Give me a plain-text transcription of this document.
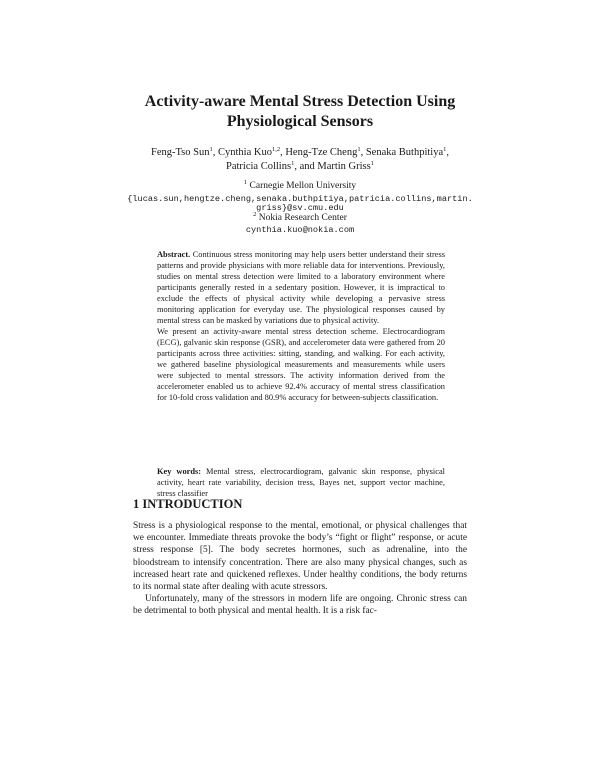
Activity-aware Mental Stress Detection Using
Physiological Sensors
Feng-Tso Sun$^1$, Cynthia Kuo$^{1,2}$, Heng-Tze Cheng$^1$, Senaka Buthpitiya$^1$,
Patricia Collins$^1$, and Martin Griss$^1$
$^1$ Carnegie Mellon University
{lucas.sun,hengtze.cheng,senaka.buthpitiya,patricia.collins,martin.
griss}@sv.cmu.edu
$^2$ Nokia Research Center
cynthia.kuo@nokia.com

Abstract. Continuous stress monitoring may help users better understand their stress patterns and provide physicians with more reliable data for interventions. Previously, studies on mental stress detection were limited to a laboratory environment where participants generally rested in a sedentary position. However, it is impractical to exclude the effects of physical activity while developing a pervasive stress monitoring application for everyday use. The physiological responses caused by mental stress can be masked by variations due to physical activity.

We present an activity-aware mental stress detection scheme. Electrocardiogram (ECG), galvanic skin response (GSR), and accelerometer data were gathered from 20 participants across three activities: sitting, standing, and walking. For each activity, we gathered baseline physiological measurements and measurements while users were subjected to mental stressors. The activity information derived from the accelerometer enabled us to achieve 92.4% accuracy of mental stress classification for 10-fold cross validation and 80.9% accuracy for between-subjects classification.

Key words: Mental stress, electrocardiogram, galvanic skin response, physical activity, heart rate variability, decision tress, Bayes net, support vector machine, stress classifier

1 INTRODUCTION

Stress is a physiological response to the mental, emotional, or physical challenges that we encounter. Immediate threats provoke the body’s “fight or flight” response, or acute stress response [5]. The body secretes hormones, such as adrenaline, into the bloodstream to intensify concentration. There are also many physical changes, such as increased heart rate and quickened reflexes. Under healthy conditions, the body returns to its normal state after dealing with acute stressors.

Unfortunately, many of the stressors in modern life are ongoing. Chronic stress can be detrimental to both physical and mental health. It is a risk fac-
